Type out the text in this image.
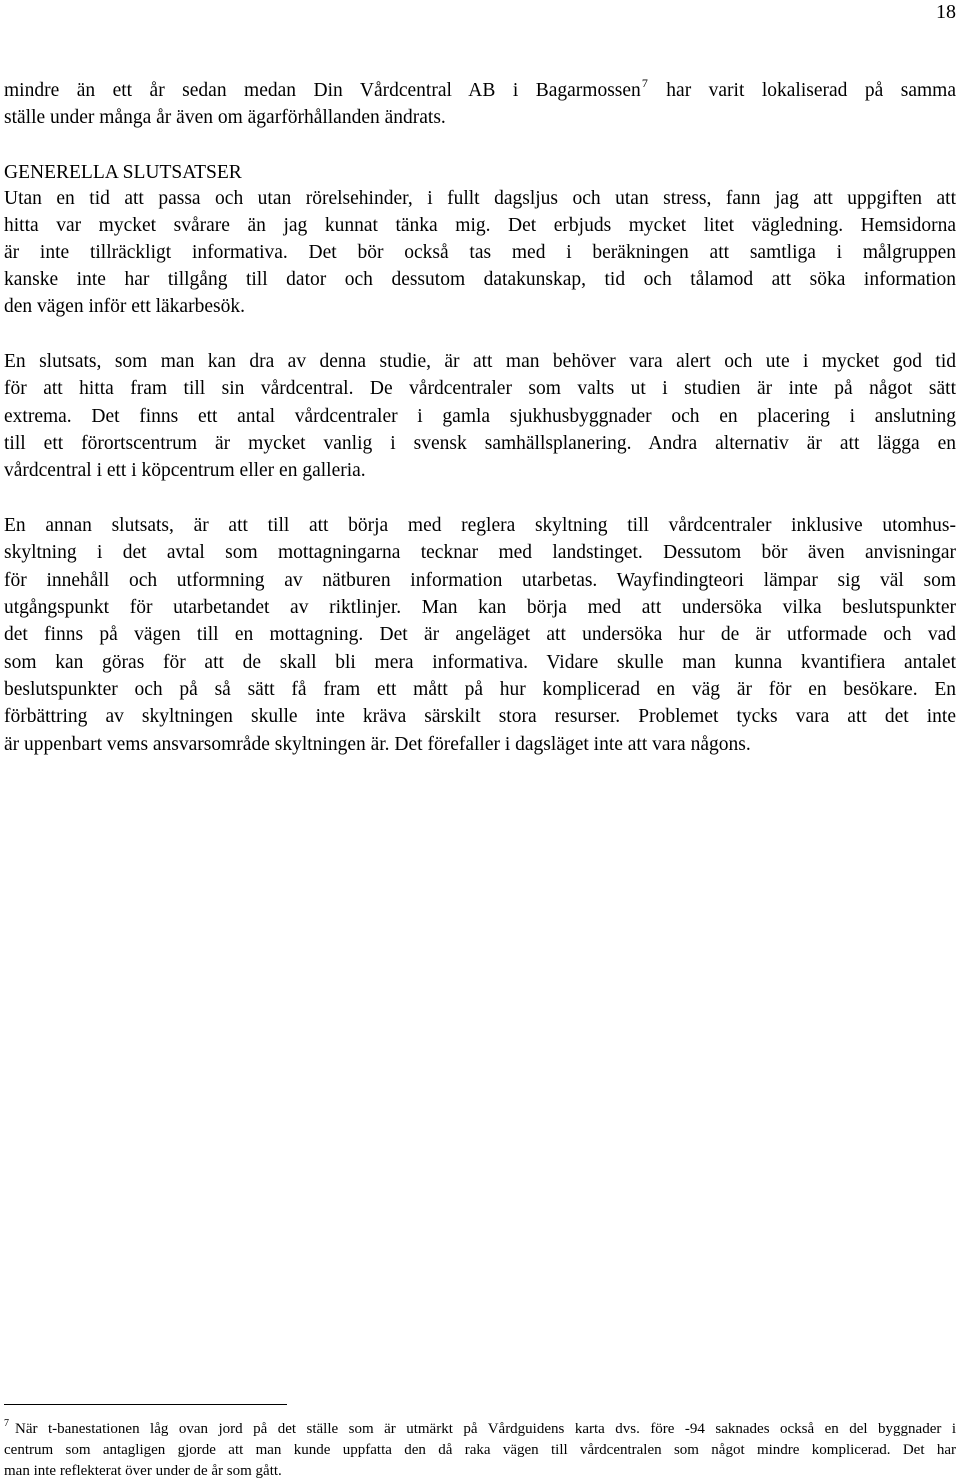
18
mindre än ett år sedan medan Din Vårdcentral AB i Bagarmossen$^7$ har varit lokaliserad på samma
ställe under många år även om ägarförhållanden ändrats.
GENERELLA SLUTSATSER
Utan en tid att passa och utan rörelsehinder, i fullt dagsljus och utan stress, fann jag att uppgiften att
hitta var mycket svårare än jag kunnat tänka mig. Det erbjuds mycket litet vägledning. Hemsidorna
är inte tillräckligt informativa. Det bör också tas med i beräkningen att samtliga i målgruppen
kanske inte har tillgång till dator och dessutom datakunskap, tid och tålamod att söka information
den vägen inför ett läkarbesök.
En slutsats, som man kan dra av denna studie, är att man behöver vara alert och ute i mycket god tid
för att hitta fram till sin vårdcentral. De vårdcentraler som valts ut i studien är inte på något sätt
extrema. Det finns ett antal vårdcentraler i gamla sjukhusbyggnader och en placering i anslutning
till ett förortscentrum är mycket vanlig i svensk samhällsplanering. Andra alternativ är att lägga en
vårdcentral i ett i köpcentrum eller en galleria.
En annan slutsats, är att till att börja med reglera skyltning till vårdcentraler inklusive utomhus-
skyltning i det avtal som mottagningarna tecknar med landstinget. Dessutom bör även anvisningar
för innehåll och utformning av nätburen information utarbetas. Wayfindingteori lämpar sig väl som
utgångspunkt för utarbetandet av riktlinjer. Man kan börja med att undersöka vilka beslutspunkter
det finns på vägen till en mottagning. Det är angeläget att undersöka hur de är utformade och vad
som kan göras för att de skall bli mera informativa. Vidare skulle man kunna kvantifiera antalet
beslutspunkter och på så sätt få fram ett mått på hur komplicerad en väg är för en besökare. En
förbättring av skyltningen skulle inte kräva särskilt stora resurser. Problemet tycks vara att det inte
är uppenbart vems ansvarsområde skyltningen är. Det förefaller i dagsläget inte att vara någons.
$^7$ När t-banestationen låg ovan jord på det ställe som är utmärkt på Vårdguidens karta dvs. före -94 saknades också en del byggnader i
centrum som antagligen gjorde att man kunde uppfatta den då raka vägen till vårdcentralen som något mindre komplicerad. Det har
man inte reflekterat över under de år som gått.
